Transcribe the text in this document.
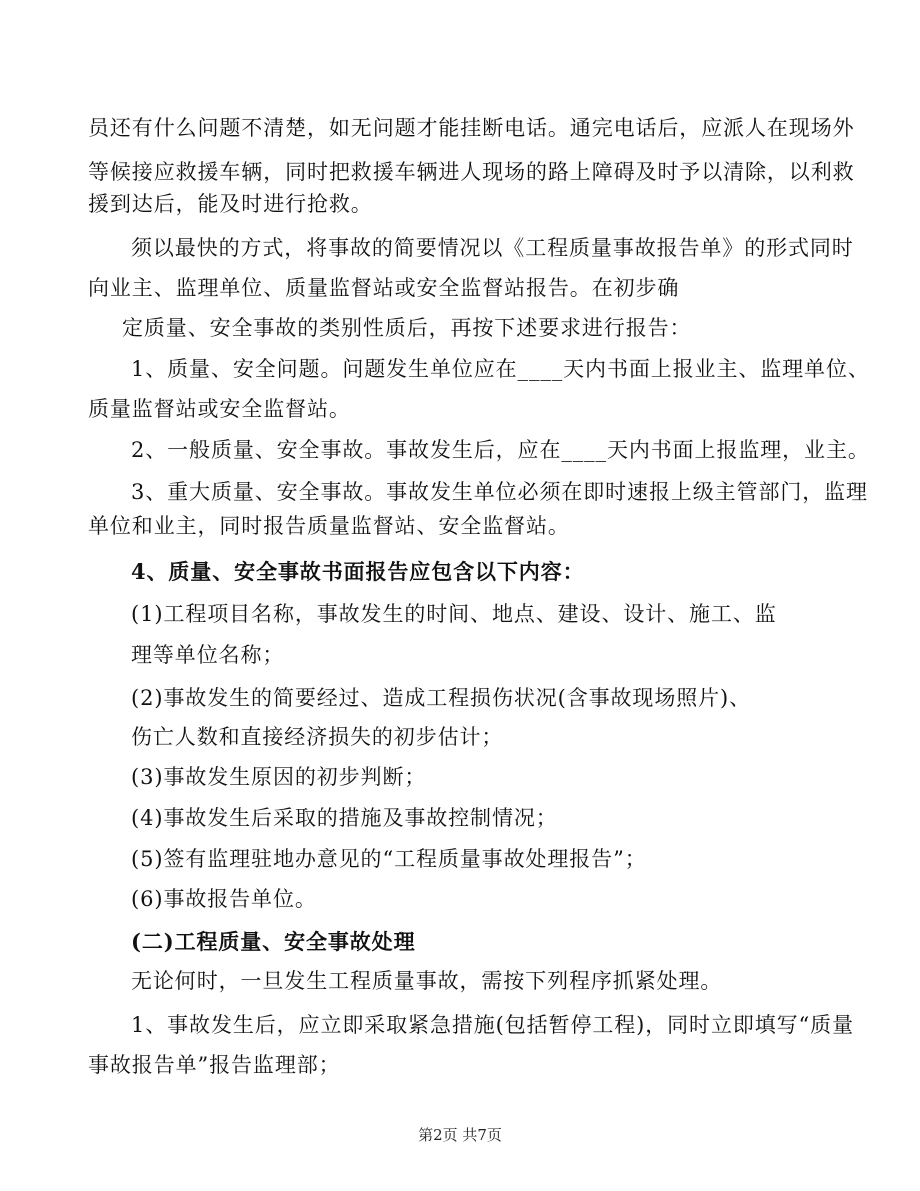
员还有什么问题不清楚，如无问题才能挂断电话。通完电话后，应派人在现场外
等候接应救援车辆，同时把救援车辆进人现场的路上障碍及时予以清除，以利救
援到达后，能及时进行抢救。
须以最快的方式，将事故的简要情况以《工程质量事故报告单》的形式同时
向业主、监理单位、质量监督站或安全监督站报告。在初步确
定质量、安全事故的类别性质后，再按下述要求进行报告：
1、质量、安全问题。问题发生单位应在____天内书面上报业主、监理单位、
质量监督站或安全监督站。
2、一般质量、安全事故。事故发生后，应在____天内书面上报监理，业主。
3、重大质量、安全事故。事故发生单位必须在即时速报上级主管部门，监理
单位和业主，同时报告质量监督站、安全监督站。
4、质量、安全事故书面报告应包含以下内容：
(1)工程项目名称，事故发生的时间、地点、建设、设计、施工、监
理等单位名称；
(2)事故发生的简要经过、造成工程损伤状况(含事故现场照片)、
伤亡人数和直接经济损失的初步估计；
(3)事故发生原因的初步判断；
(4)事故发生后采取的措施及事故控制情况；
(5)签有监理驻地办意见的“工程质量事故处理报告”；
(6)事故报告单位。
(二)工程质量、安全事故处理
无论何时，一旦发生工程质量事故，需按下列程序抓紧处理。
1、事故发生后，应立即采取紧急措施(包括暂停工程)，同时立即填写“质量
事故报告单”报告监理部；
第2页 共7页
